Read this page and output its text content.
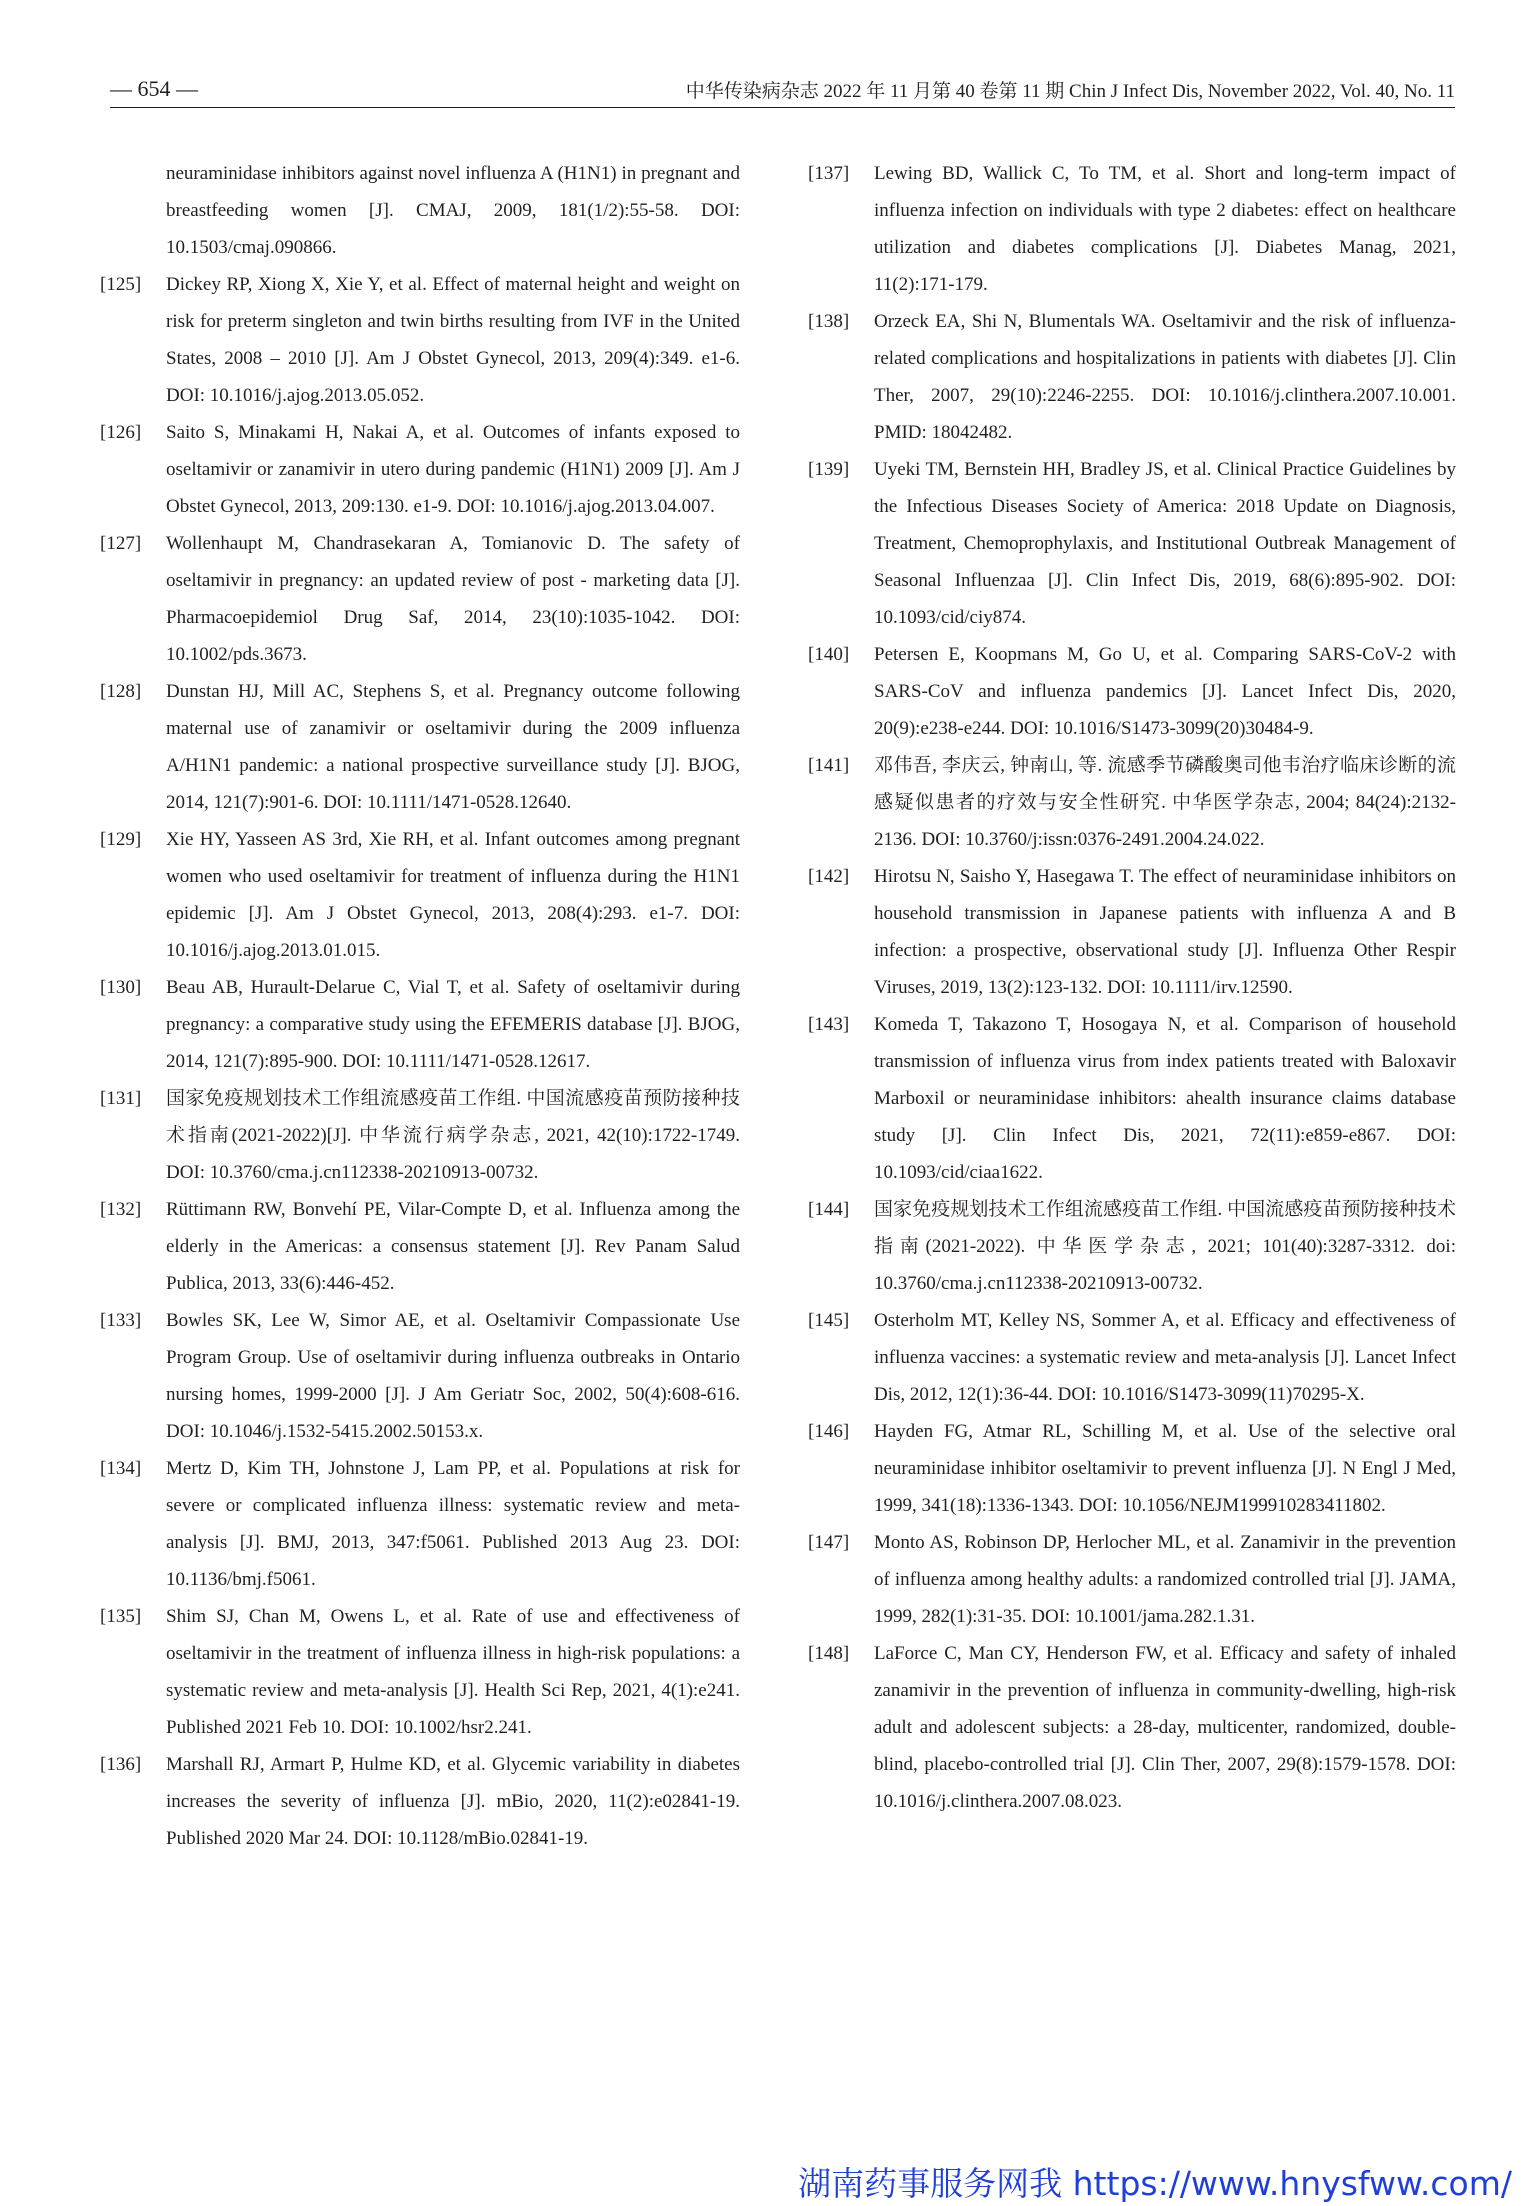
— 654 —	中华传染病杂志 2022 年 11 月第 40 卷第 11 期 Chin J Infect Dis, November 2022, Vol. 40, No. 11

neuraminidase inhibitors against novel influenza A (H1N1) in pregnant and breastfeeding women [J]. CMAJ, 2009, 181(1/2):55-58. DOI: 10.1503/cmaj.090866.

[125]	Dickey RP, Xiong X, Xie Y, et al. Effect of maternal height and weight on risk for preterm singleton and twin births resulting from IVF in the United States, 2008 – 2010 [J]. Am J Obstet Gynecol, 2013, 209(4):349. e1-6. DOI: 10.1016/j.ajog.2013.05.052.

[126]	Saito S, Minakami H, Nakai A, et al. Outcomes of infants exposed to oseltamivir or zanamivir in utero during pandemic (H1N1) 2009 [J]. Am J Obstet Gynecol, 2013, 209:130. e1-9. DOI: 10.1016/j.ajog.2013.04.007.

[127]	Wollenhaupt M, Chandrasekaran A, Tomianovic D. The safety of oseltamivir in pregnancy: an updated review of post - marketing data [J]. Pharmacoepidemiol Drug Saf, 2014, 23(10):1035-1042. DOI: 10.1002/pds.3673.

[128]	Dunstan HJ, Mill AC, Stephens S, et al. Pregnancy outcome following maternal use of zanamivir or oseltamivir during the 2009 influenza A/H1N1 pandemic: a national prospective surveillance study [J]. BJOG, 2014, 121(7):901-6. DOI: 10.1111/1471-0528.12640.

[129]	Xie HY, Yasseen AS 3rd, Xie RH, et al. Infant outcomes among pregnant women who used oseltamivir for treatment of influenza during the H1N1 epidemic [J]. Am J Obstet Gynecol, 2013, 208(4):293. e1-7. DOI: 10.1016/j.ajog.2013.01.015.

[130]	Beau AB, Hurault-Delarue C, Vial T, et al. Safety of oseltamivir during pregnancy: a comparative study using the EFEMERIS database [J]. BJOG, 2014, 121(7):895-900. DOI: 10.1111/1471-0528.12617.

[131]	国家免疫规划技术工作组流感疫苗工作组. 中国流感疫苗预防接种技术指南(2021-2022)[J]. 中华流行病学杂志, 2021, 42(10):1722-1749. DOI: 10.3760/cma.j.cn112338-20210913-00732.

[132]	Rüttimann RW, Bonvehí PE, Vilar-Compte D, et al. Influenza among the elderly in the Americas: a consensus statement [J]. Rev Panam Salud Publica, 2013, 33(6):446-452.

[133]	Bowles SK, Lee W, Simor AE, et al. Oseltamivir Compassionate Use Program Group. Use of oseltamivir during influenza outbreaks in Ontario nursing homes, 1999-2000 [J]. J Am Geriatr Soc, 2002, 50(4):608-616. DOI: 10.1046/j.1532-5415.2002.50153.x.

[134]	Mertz D, Kim TH, Johnstone J, Lam PP, et al. Populations at risk for severe or complicated influenza illness: systematic review and meta-analysis [J]. BMJ, 2013, 347:f5061. Published 2013 Aug 23. DOI: 10.1136/bmj.f5061.

[135]	Shim SJ, Chan M, Owens L, et al. Rate of use and effectiveness of oseltamivir in the treatment of influenza illness in high-risk populations: a systematic review and meta-analysis [J]. Health Sci Rep, 2021, 4(1):e241. Published 2021 Feb 10. DOI: 10.1002/hsr2.241.

[136]	Marshall RJ, Armart P, Hulme KD, et al. Glycemic variability in diabetes increases the severity of influenza [J]. mBio, 2020, 11(2):e02841-19. Published 2020 Mar 24. DOI: 10.1128/mBio.02841-19.

[137]	Lewing BD, Wallick C, To TM, et al. Short and long-term impact of influenza infection on individuals with type 2 diabetes: effect on healthcare utilization and diabetes complications [J]. Diabetes Manag, 2021, 11(2):171-179.

[138]	Orzeck EA, Shi N, Blumentals WA. Oseltamivir and the risk of influenza-related complications and hospitalizations in patients with diabetes [J]. Clin Ther, 2007, 29(10):2246-2255. DOI: 10.1016/j.clinthera.2007.10.001. PMID: 18042482.

[139]	Uyeki TM, Bernstein HH, Bradley JS, et al. Clinical Practice Guidelines by the Infectious Diseases Society of America: 2018 Update on Diagnosis, Treatment, Chemoprophylaxis, and Institutional Outbreak Management of Seasonal Influenzaa [J]. Clin Infect Dis, 2019, 68(6):895-902. DOI: 10.1093/cid/ciy874.

[140]	Petersen E, Koopmans M, Go U, et al. Comparing SARS-CoV-2 with SARS-CoV and influenza pandemics [J]. Lancet Infect Dis, 2020, 20(9):e238-e244. DOI: 10.1016/S1473-3099(20)30484-9.

[141]	邓伟吾, 李庆云, 钟南山, 等. 流感季节磷酸奥司他韦治疗临床诊断的流感疑似患者的疗效与安全性研究. 中华医学杂志, 2004; 84(24):2132-2136. DOI: 10.3760/j:issn:0376-2491.2004.24.022.

[142]	Hirotsu N, Saisho Y, Hasegawa T. The effect of neuraminidase inhibitors on household transmission in Japanese patients with influenza A and B infection: a prospective, observational study [J]. Influenza Other Respir Viruses, 2019, 13(2):123-132. DOI: 10.1111/irv.12590.

[143]	Komeda T, Takazono T, Hosogaya N, et al. Comparison of household transmission of influenza virus from index patients treated with Baloxavir Marboxil or neuraminidase inhibitors: ahealth insurance claims database study [J]. Clin Infect Dis, 2021, 72(11):e859-e867. DOI: 10.1093/cid/ciaa1622.

[144]	国家免疫规划技术工作组流感疫苗工作组. 中国流感疫苗预防接种技术指南(2021-2022). 中华医学杂志, 2021; 101(40):3287-3312. doi: 10.3760/cma.j.cn112338-20210913-00732.

[145]	Osterholm MT, Kelley NS, Sommer A, et al. Efficacy and effectiveness of influenza vaccines: a systematic review and meta-analysis [J]. Lancet Infect Dis, 2012, 12(1):36-44. DOI: 10.1016/S1473-3099(11)70295-X.

[146]	Hayden FG, Atmar RL, Schilling M, et al. Use of the selective oral neuraminidase inhibitor oseltamivir to prevent influenza [J]. N Engl J Med, 1999, 341(18):1336-1343. DOI: 10.1056/NEJM199910283411802.

[147]	Monto AS, Robinson DP, Herlocher ML, et al. Zanamivir in the prevention of influenza among healthy adults: a randomized controlled trial [J]. JAMA, 1999, 282(1):31-35. DOI: 10.1001/jama.282.1.31.

[148]	LaForce C, Man CY, Henderson FW, et al. Efficacy and safety of inhaled zanamivir in the prevention of influenza in community-dwelling, high-risk adult and adolescent subjects: a 28-day, multicenter, randomized, double-blind, placebo-controlled trial [J]. Clin Ther, 2007, 29(8):1579-1578. DOI: 10.1016/j.clinthera.2007.08.023.

湖南药事服务网我 https://www.hnysfww.com/
